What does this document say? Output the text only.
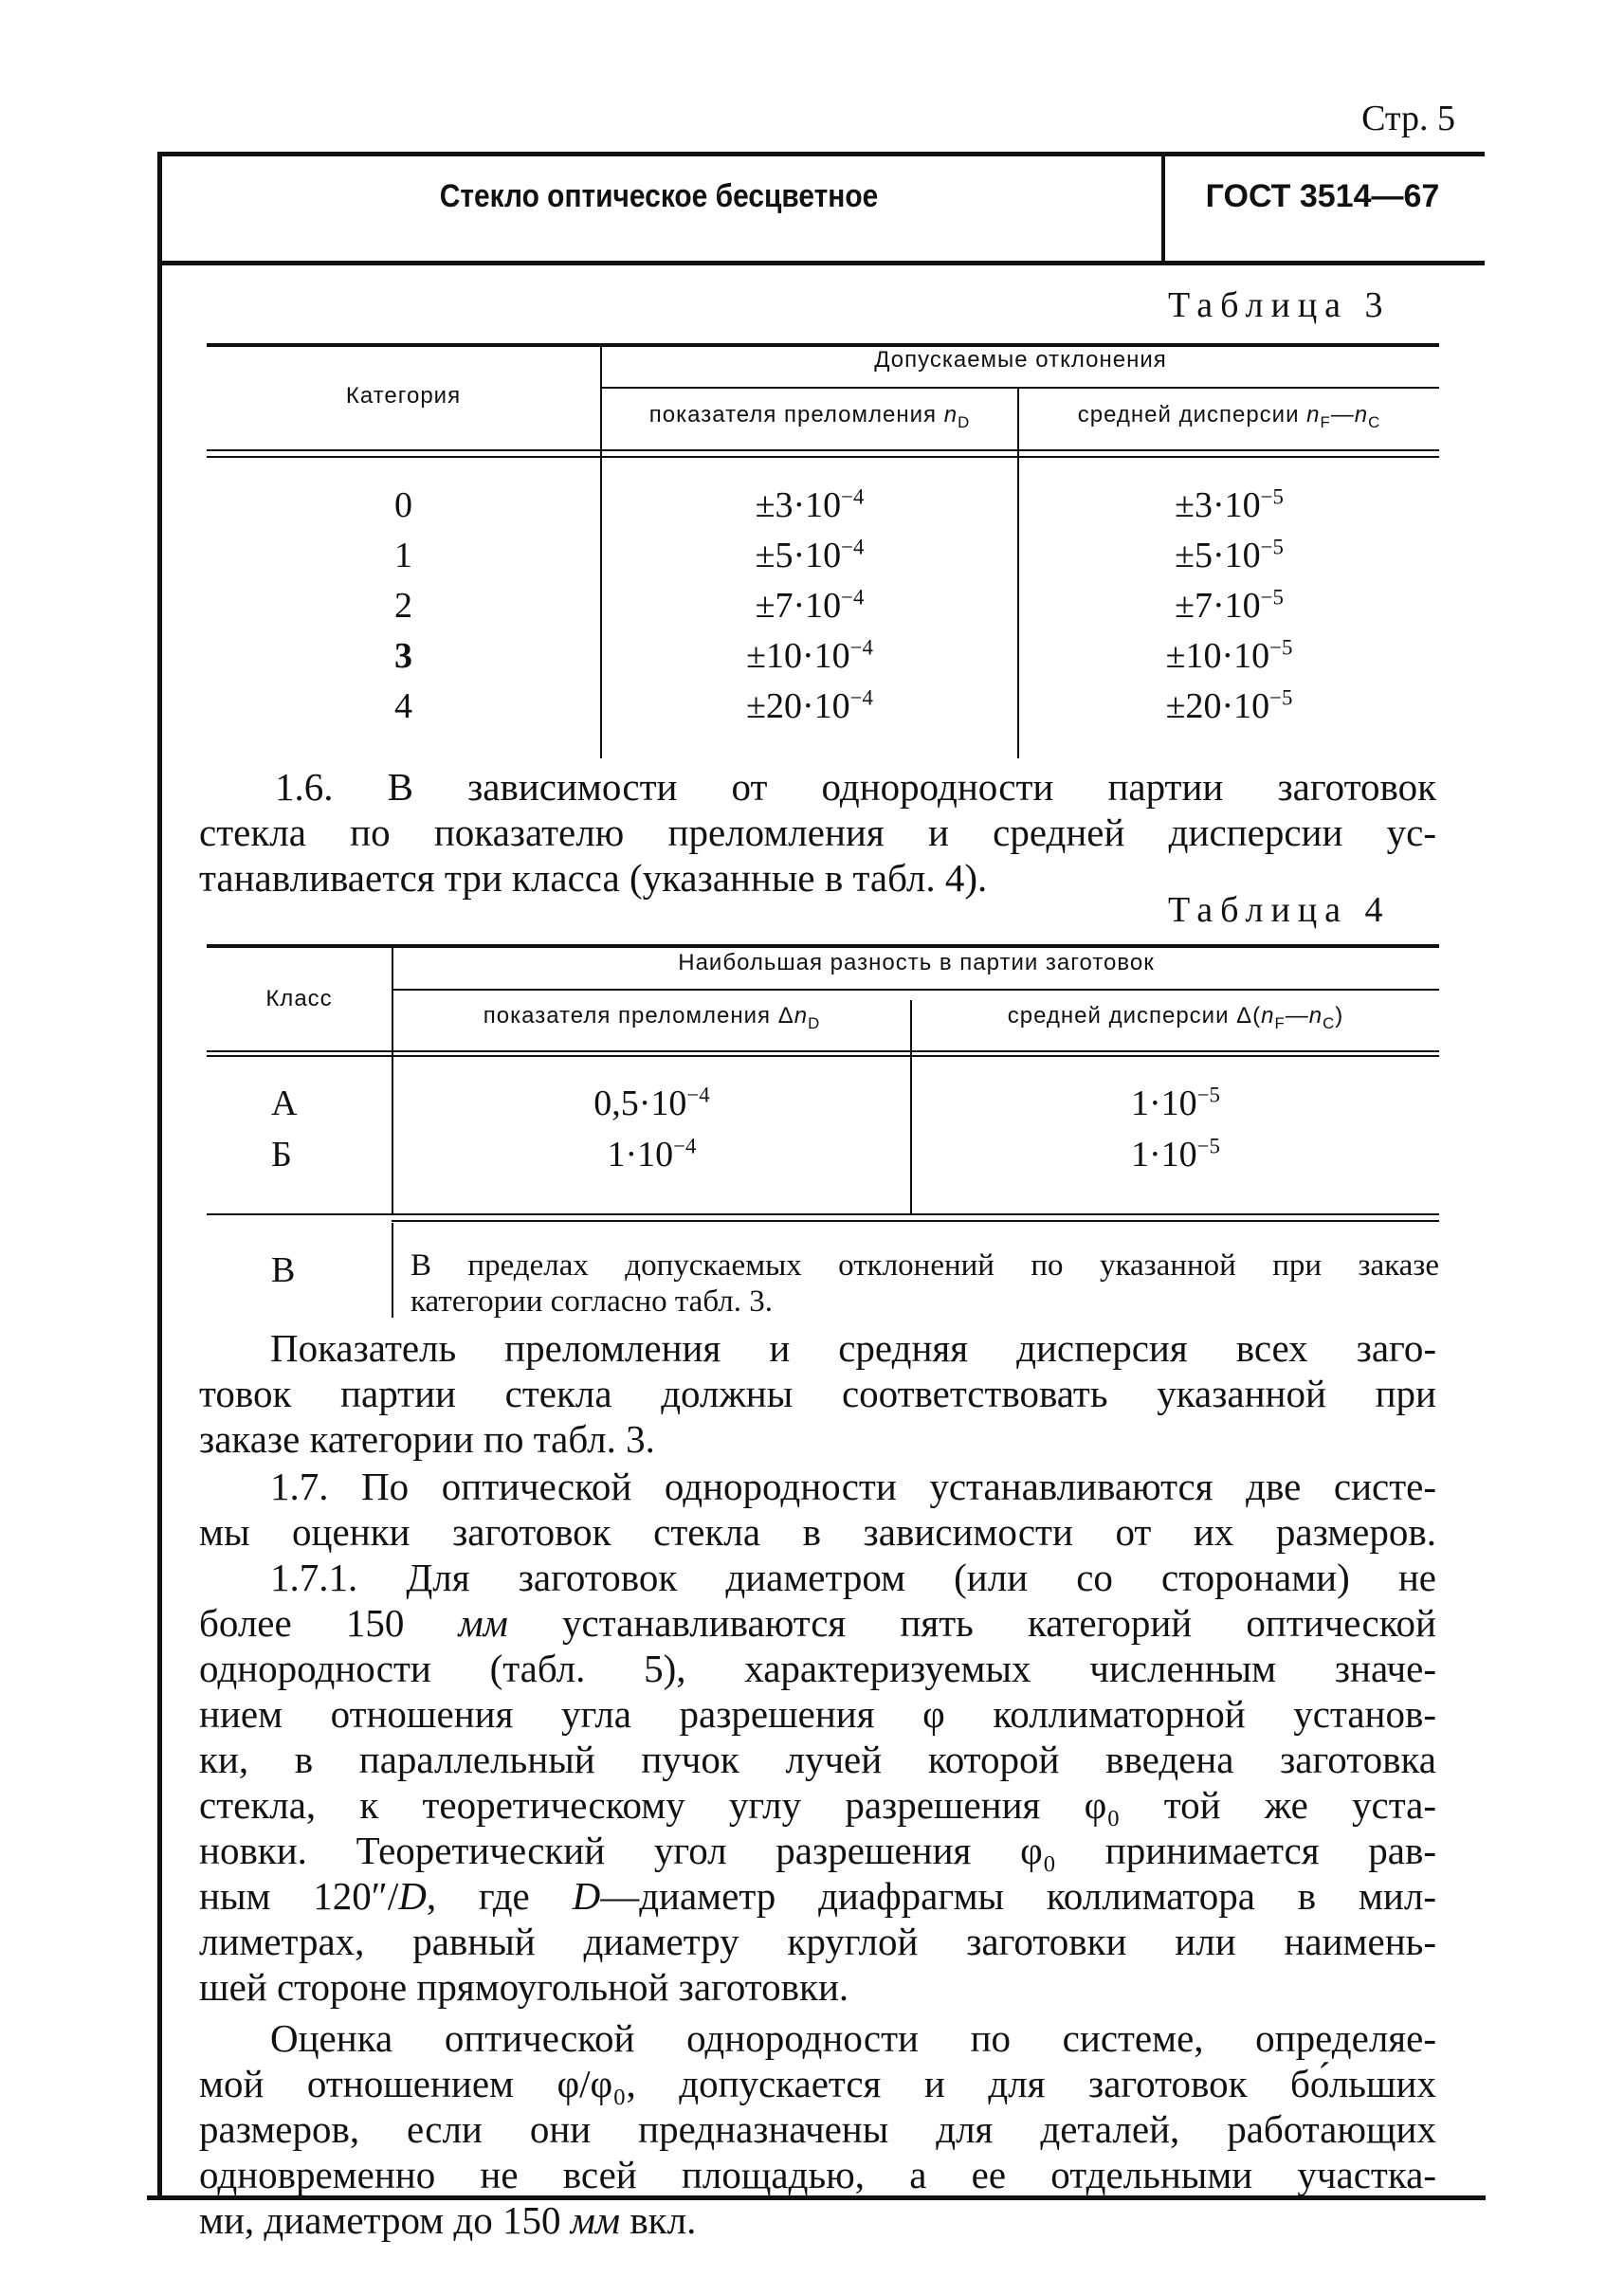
Стр. 5
Стекло оптическое бесцветное	ГОСТ 3514—67
Таблица 3
Категория
Допускаемые отклонения
показателя преломления $n_D$	средней дисперсии $n_F—n_C$
0	$\pm 3\cdot 10^{-4}$	$\pm 3\cdot 10^{-5}$
1	$\pm 5\cdot 10^{-4}$	$\pm 5\cdot 10^{-5}$
2	$\pm 7\cdot 10^{-4}$	$\pm 7\cdot 10^{-5}$
3	$\pm 10\cdot 10^{-4}$	$\pm 10\cdot 10^{-5}$
4	$\pm 20\cdot 10^{-4}$	$\pm 20\cdot 10^{-5}$
1.6. В зависимости от однородности партии заготовок
стекла по показателю преломления и средней дисперсии ус-
танавливается три класса (указанные в табл. 4).
Таблица 4
Класс
Наибольшая разность в партии заготовок
показателя преломления $\Delta n_D$	средней дисперсии $\Delta(n_F—n_C)$
А	$0,5\cdot 10^{-4}$	$1\cdot 10^{-5}$
Б	$1\cdot 10^{-4}$	$1\cdot 10^{-5}$
В	В пределах допускаемых отклонений по указанной при заказе
категории согласно табл. 3.
Показатель преломления и средняя дисперсия всех заго-
товок партии стекла должны соответствовать указанной при
заказе категории по табл. 3.
1.7. По оптической однородности устанавливаются две систе-
мы оценки заготовок стекла в зависимости от их размеров.
1.7.1. Для заготовок диаметром (или со сторонами) не
более 150 мм устанавливаются пять категорий оптической
однородности (табл. 5), характеризуемых численным значе-
нием отношения угла разрешения φ коллиматорной установ-
ки, в параллельный пучок лучей которой введена заготовка
стекла, к теоретическому углу разрешения φ₀ той же уста-
новки. Теоретический угол разрешения φ₀ принимается рав-
ным 120″/D, где D—диаметр диафрагмы коллиматора в мил-
лиметрах, равный диаметру круглой заготовки или наимень-
шей стороне прямоугольной заготовки.
Оценка оптической однородности по системе, определяе-
мой отношением φ/φ₀, допускается и для заготовок бо́льших
размеров, если они предназначены для деталей, работающих
одновременно не всей площадью, а ее отдельными участка-
ми, диаметром до 150 мм вкл.
